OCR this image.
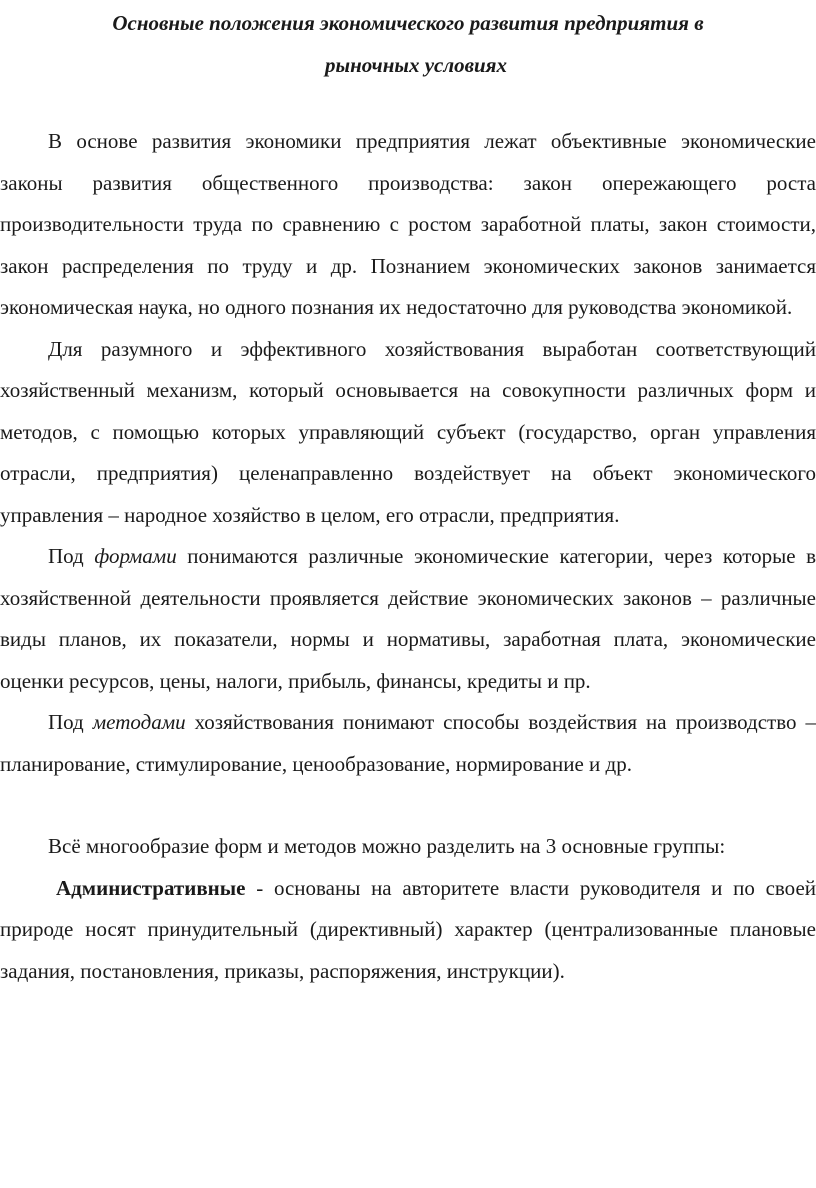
Основные положения экономического развития предприятия в
рыночных условиях

В основе развития экономики предприятия лежат объективные экономические законы развития общественного производства: закон опережающего роста производительности труда по сравнению с ростом заработной платы, закон стоимости, закон распределения по труду и др. Познанием экономических законов занимается экономическая наука, но одного познания их недостаточно для руководства экономикой.

Для разумного и эффективного хозяйствования выработан соответствующий хозяйственный механизм, который основывается на совокупности различных форм и методов, с помощью которых управляющий субъект (государство, орган управления отрасли, предприятия) целенаправленно воздействует на объект экономического управления – народное хозяйство в целом, его отрасли, предприятия.

Под формами понимаются различные экономические категории, через которые в хозяйственной деятельности проявляется действие экономических законов – различные виды планов, их показатели, нормы и нормативы, заработная плата, экономические оценки ресурсов, цены, налоги, прибыль, финансы, кредиты и пр.

Под методами хозяйствования понимают способы воздействия на производство – планирование, стимулирование, ценообразование, нормирование и др.

Всё многообразие форм и методов можно разделить на 3 основные группы:

Административные - основаны на авторитете власти руководителя и по своей природе носят принудительный (директивный) характер (централизованные плановые задания, постановления, приказы, распоряжения, инструкции).
